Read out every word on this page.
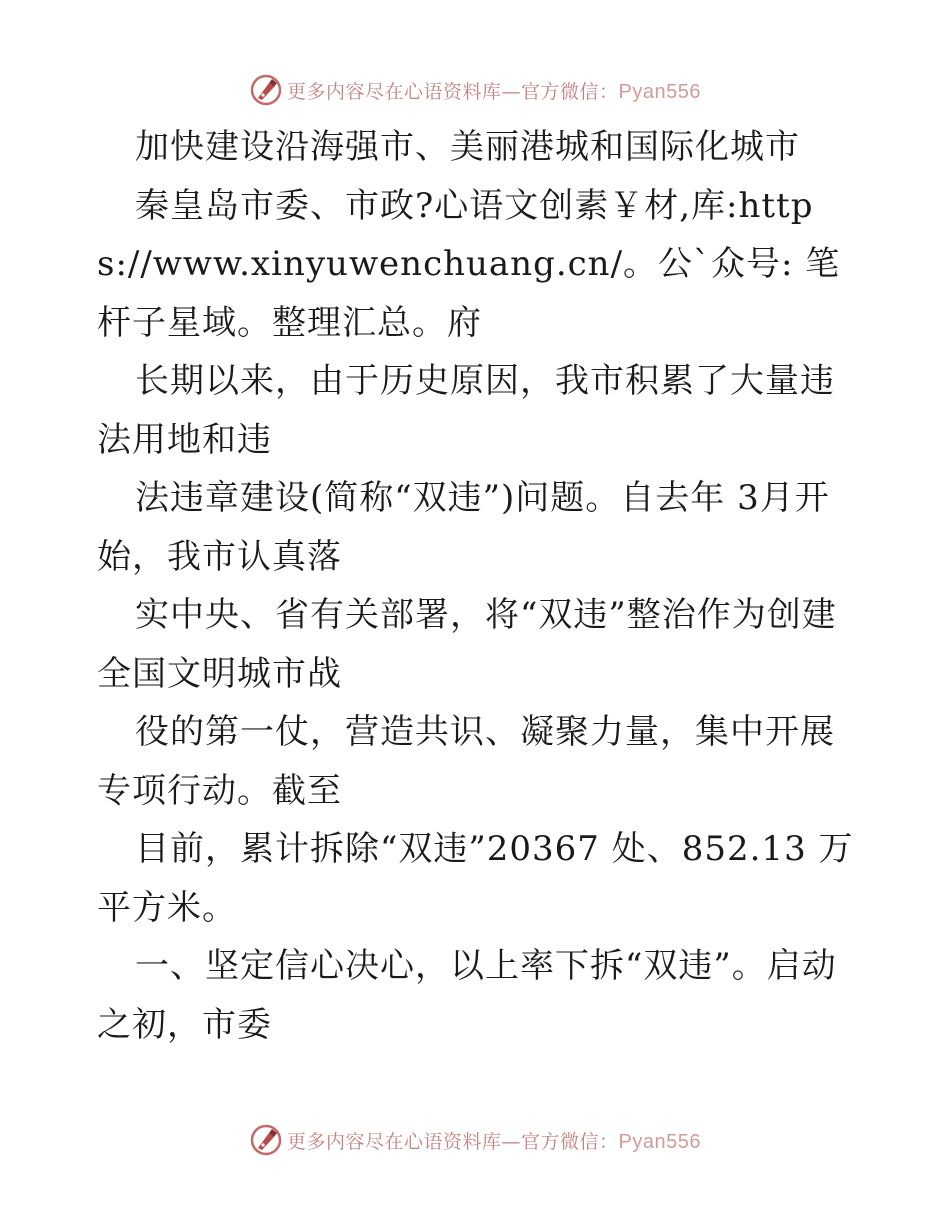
更多内容尽在心语资料库—官方微信：Pyan556

加快建设沿海强市、美丽港城和国际化城市

秦皇岛市委、市政?心语文创素￥材,库:https://www.xinyuwenchuang.cn/。公`众号: 笔杆子星域。整理汇总。府

长期以来，由于历史原因，我市积累了大量违法用地和违

法违章建设(简称“双违”)问题。自去年 3月开始，我市认真落

实中央、省有关部署，将“双违”整治作为创建全国文明城市战

役的第一仗，营造共识、凝聚力量，集中开展专项行动。截至

目前，累计拆除“双违”20367 处、852.13 万平方米。

一、坚定信心决心，以上率下拆“双违”。启动之初，市委

更多内容尽在心语资料库—官方微信：Pyan556
